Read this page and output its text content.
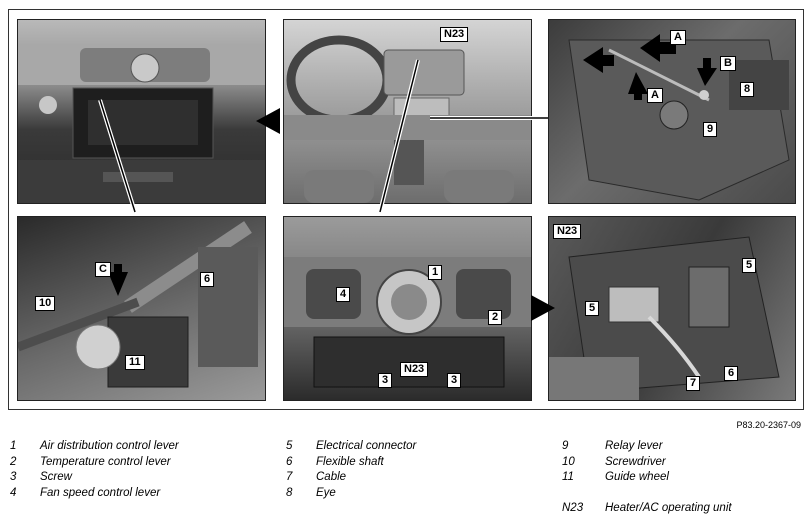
N23	A
B
A	8
9
C
6
10
11
1
4
2
3
N23
3
N23
5
5
7
6
P83.20-2367-09
1 Air distribution control lever
2 Temperature control lever
3 Screw
4 Fan speed control lever
5 Electrical connector
6 Flexible shaft
7 Cable
8 Eye
9	Relay lever
10	Screwdriver
11	Guide wheel
N23 Heater/AC operating unit
